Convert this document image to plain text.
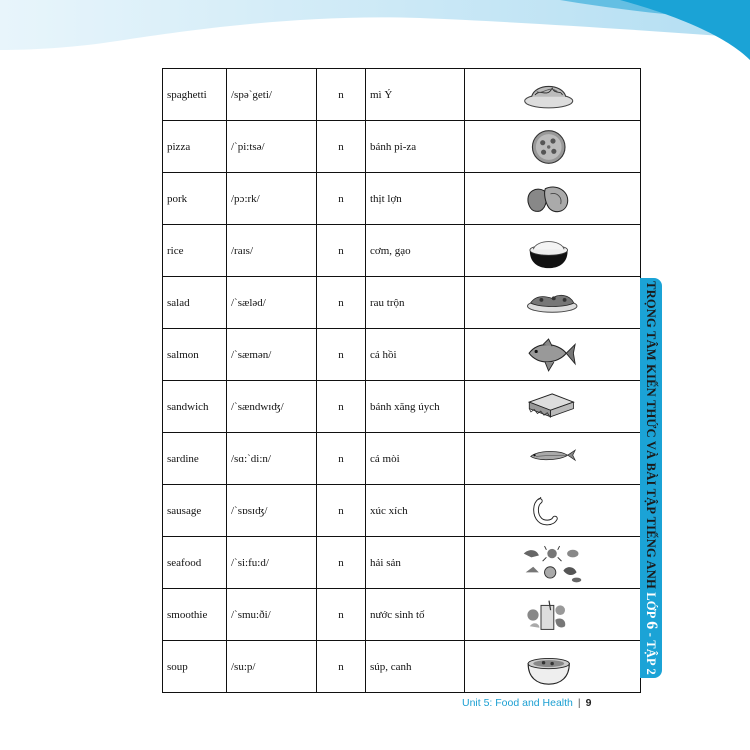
spaghetti	/spə`geti/	n	mì Ý	

pizza	/`pi:tsə/	n	bánh pi-za	

pork	/pɔ:rk/	n	thịt lợn	

rice	/raɪs/	n	cơm, gạo	

salad	/`sæləd/	n	rau trộn	

salmon	/`sæmən/	n	cá hồi	

sandwich	/`sændwɪʤ/	n	bánh xăng úych	

sardine	/sɑ:`di:n/	n	cá mòi	

sausage	/`sɒsɪʤ/	n	xúc xích	

seafood	/`si:fu:d/	n	hải sản	

smoothie	/`smu:ði/	n	nước sinh tố	

soup	/su:p/	n	súp, canh	
TRỌNG TÂM KIẾN THỨC VÀ BÀI TẬP TIẾNG ANH LỚP 6 - TẬP 2
Unit 5: Food and Health | 9
